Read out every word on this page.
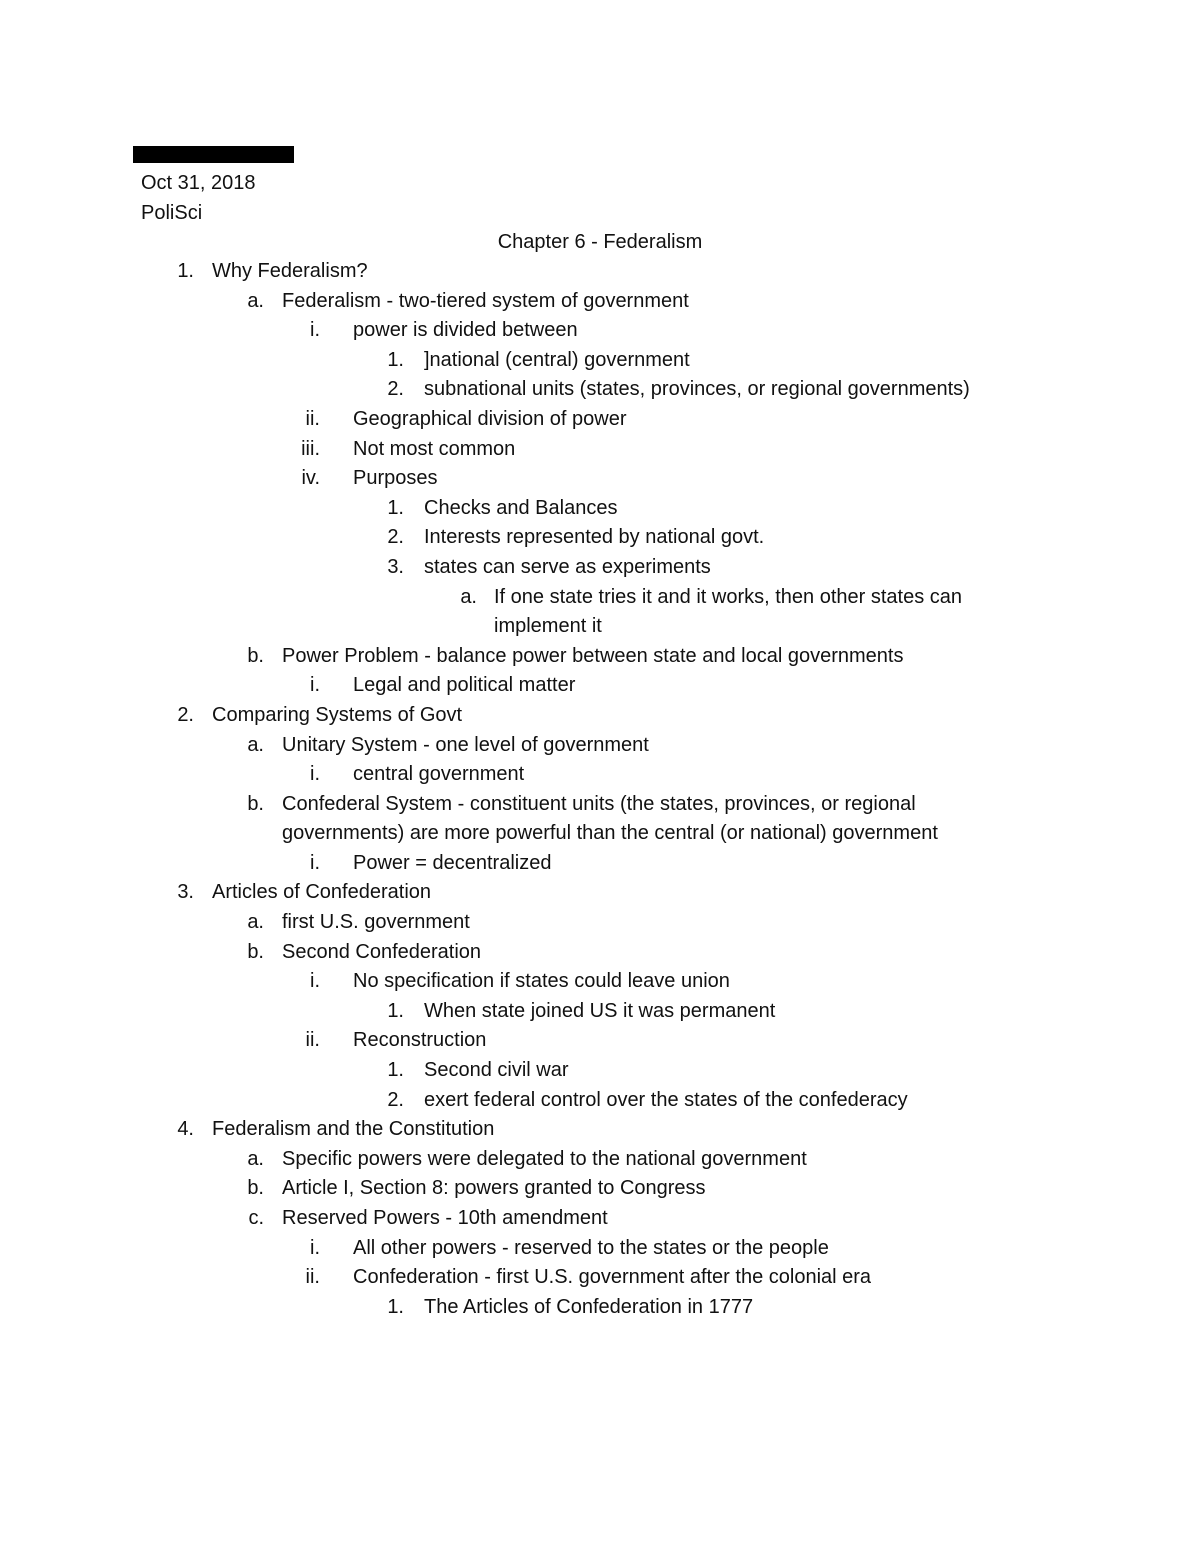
Oct 31, 2018
PoliSci
Chapter 6 - Federalism
1. Why Federalism?
a. Federalism - two-tiered system of government
i. power is divided between
1. ]national (central) government
2. subnational units (states, provinces, or regional governments)
ii. Geographical division of power
iii. Not most common
iv. Purposes
1. Checks and Balances
2. Interests represented by national govt.
3. states can serve as experiments
a. If one state tries it and it works, then other states can implement it
b. Power Problem - balance power between state and local governments
i. Legal and political matter
2. Comparing Systems of Govt
a. Unitary System - one level of government
i. central government
b. Confederal System - constituent units (the states, provinces, or regional governments) are more powerful than the central (or national) government
i. Power = decentralized
3. Articles of Confederation
a. first U.S. government
b. Second Confederation
i. No specification if states could leave union
1. When state joined US it was permanent
ii. Reconstruction
1. Second civil war
2. exert federal control over the states of the confederacy
4. Federalism and the Constitution
a. Specific powers were delegated to the national government
b. Article I, Section 8: powers granted to Congress
c. Reserved Powers - 10th amendment
i. All other powers - reserved to the states or the people
ii. Confederation - first U.S. government after the colonial era
1. The Articles of Confederation in 1777
